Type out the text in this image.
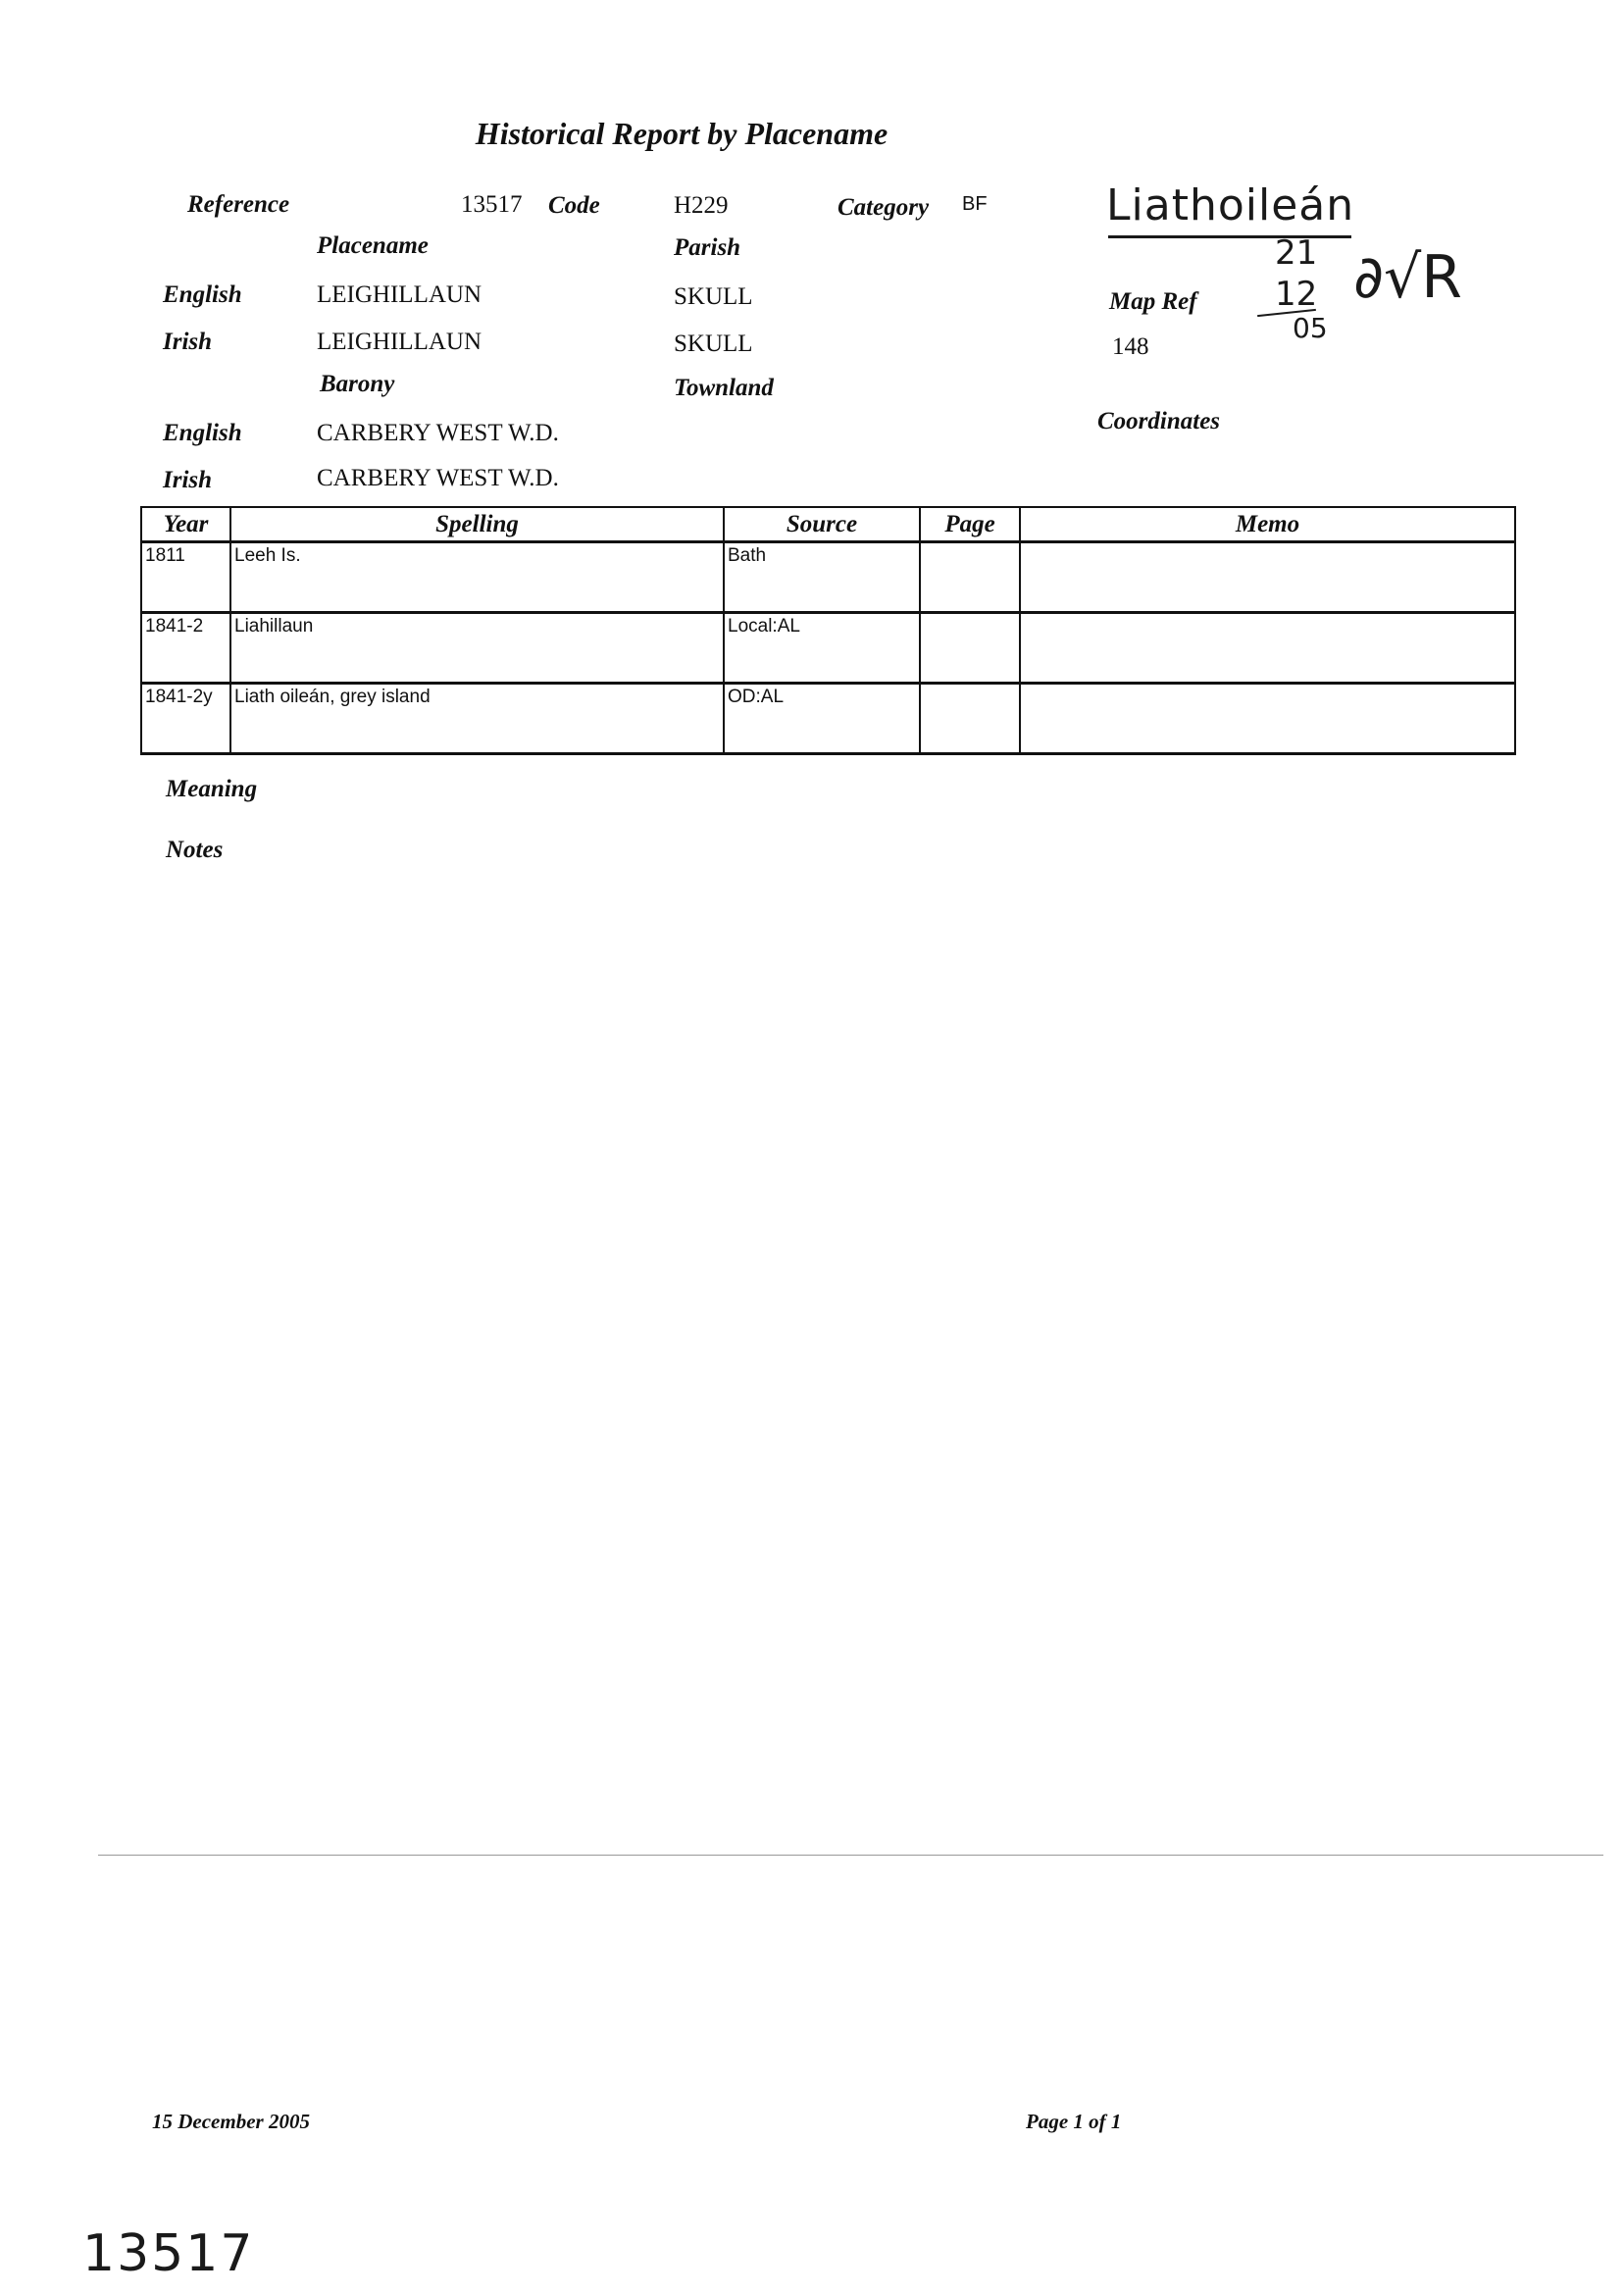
Historical Report by Placename
Reference	13517 Code	H229	Category BF
Placename	Parish
English	LEIGHILLAUN	SKULL
Irish	LEIGHILLAUN	SKULL
Barony	Townland
English	CARBERY WEST W.D.
Irish	CARBERY WEST W.D.
Map Ref
148
Coordinates
Liathoileán
21
12
05
∂√R
Year	Spelling	Source	Page	Memo
1811	Leeh Is.	Bath
1841-2	Liahillaun	Local:AL
1841-2y	Liath oileán, grey island	OD:AL
Meaning
Notes
15 December 2005	Page 1 of 1
13517
